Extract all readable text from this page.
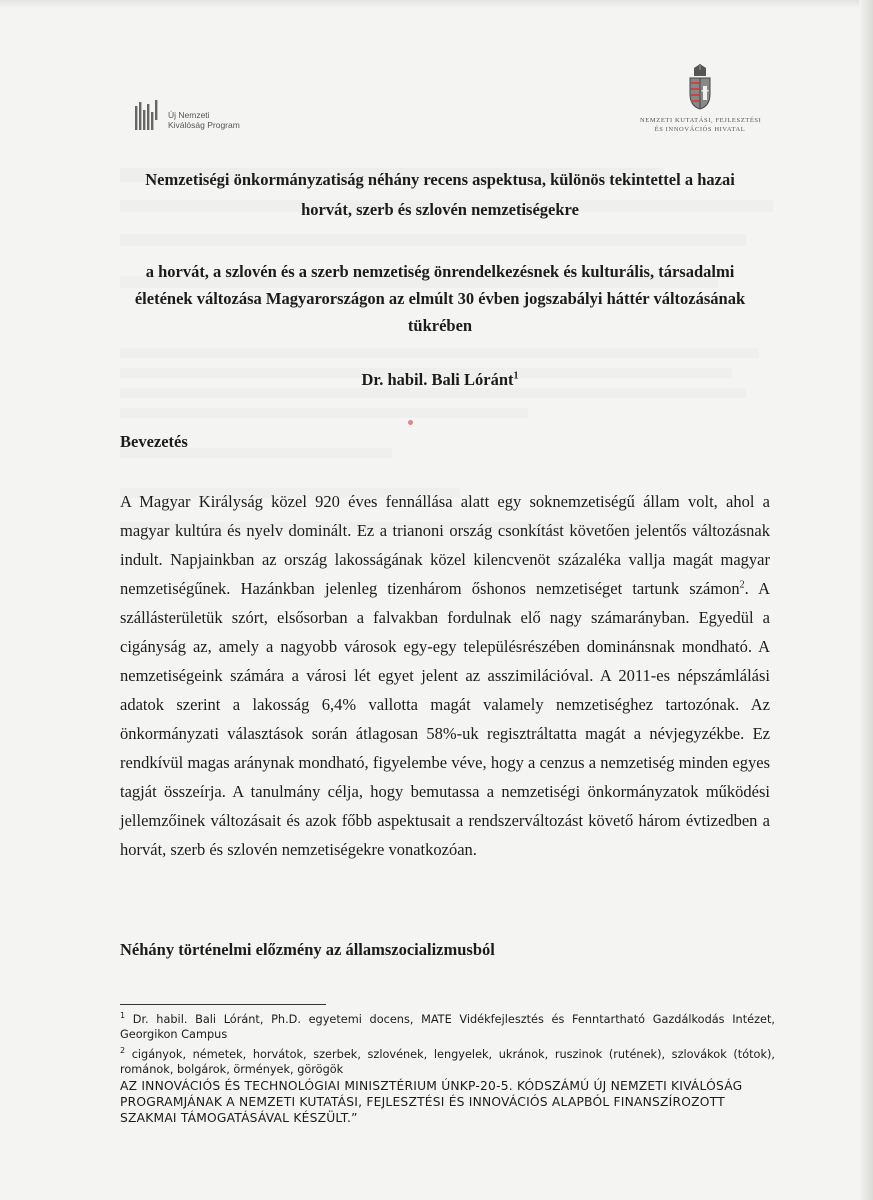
Új Nemzeti
Kiválóság Program	NEMZETI KUTATÁSI, FEJLESZTÉSI
ÉS INNOVÁCIÓS HIVATAL
Nemzetiségi önkormányzatiság néhány recens aspektusa, különös tekintettel a hazai
horvát, szerb és szlovén nemzetiségekre
a horvát, a szlovén és a szerb nemzetiség önrendelkezésnek és kulturális, társadalmi
életének változása Magyarországon az elmúlt 30 évben jogszabályi háttér változásának
tükrében
Dr. habil. Bali Lóránt$^1$
Bevezetés
A Magyar Királyság közel 920 éves fennállása alatt egy soknemzetiségű állam volt, ahol a magyar kultúra és nyelv dominált. Ez a trianoni ország csonkítást követően jelentős változásnak indult. Napjainkban az ország lakosságának közel kilencvenöt százaléka vallja magát magyar nemzetiségűnek. Hazánkban jelenleg tizenhárom őshonos nemzetiséget tartunk számon$^2$. A szállásterületük szórt, elsősorban a falvakban fordulnak elő nagy számarányban. Egyedül a cigányság az, amely a nagyobb városok egy-egy településrészében dominánsnak mondható. A nemzetiségeink számára a városi lét egyet jelent az asszimilációval. A 2011-es népszámlálási adatok szerint a lakosság 6,4% vallotta magát valamely nemzetiséghez tartozónak. Az önkormányzati választások során átlagosan 58%-uk regisztráltatta magát a névjegyzékbe. Ez rendkívül magas aránynak mondható, figyelembe véve, hogy a cenzus a nemzetiség minden egyes tagját összeírja. A tanulmány célja, hogy bemutassa a nemzetiségi önkormányzatok működési jellemzőinek változásait és azok főbb aspektusait a rendszerváltozást követő három évtizedben a horvát, szerb és szlovén nemzetiségekre vonatkozóan.
Néhány történelmi előzmény az államszocializmusból

$^1$ Dr. habil. Bali Lóránt, Ph.D. egyetemi docens, MATE Vidékfejlesztés és Fenntartható Gazdálkodás Intézet, Georgikon Campus

$^2$ cigányok, németek, horvátok, szerbek, szlovének, lengyelek, ukránok, ruszinok (rutének), szlovákok (tótok), románok, bolgárok, örmények, görögök

AZ INNOVÁCIÓS ÉS TECHNOLÓGIAI MINISZTÉRIUM ÚNKP-20-5. KÓDSZÁMÚ ÚJ NEMZETI KIVÁLÓSÁG PROGRAMJÁNAK A NEMZETI KUTATÁSI, FEJLESZTÉSI ÉS INNOVÁCIÓS ALAPBÓL FINANSZÍROZOTT SZAKMAI TÁMOGATÁSÁVAL KÉSZÜLT.”
